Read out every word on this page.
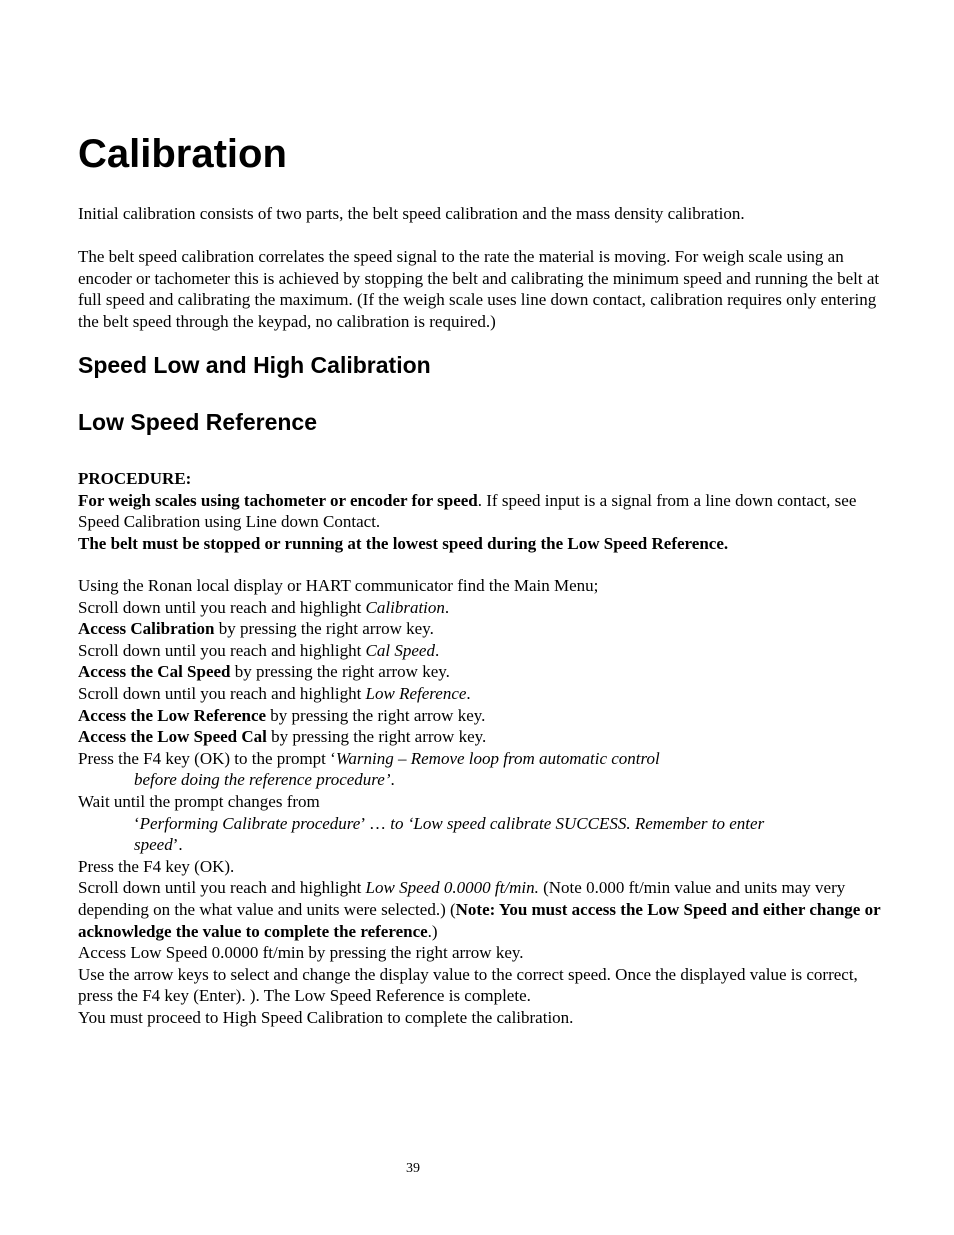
Calibration

Initial calibration consists of two parts, the belt speed calibration and the mass density calibration.

The belt speed calibration correlates the speed signal to the rate the material is moving. For weigh scale using an encoder or tachometer this is achieved by stopping the belt and calibrating the minimum speed and running the belt at full speed and calibrating the maximum. (If the weigh scale uses line down contact, calibration requires only entering the belt speed through the keypad, no calibration is required.)

Speed Low and High Calibration
Low Speed Reference
PROCEDURE:
For weigh scales using tachometer or encoder for speed. If speed input is a signal from a line down contact, see Speed Calibration using Line down Contact.
The belt must be stopped or running at the lowest speed during the Low Speed Reference.
Using the Ronan local display or HART communicator find the Main Menu;
Scroll down until you reach and highlight Calibration.
Access Calibration by pressing the right arrow key.
Scroll down until you reach and highlight Cal Speed.
Access the Cal Speed by pressing the right arrow key.
Scroll down until you reach and highlight Low Reference.
Access the Low Reference by pressing the right arrow key.
Access the Low Speed Cal by pressing the right arrow key.
Press the F4 key (OK) to the prompt ‘Warning – Remove loop from automatic control
before doing the reference procedure’.
Wait until the prompt changes from
‘Performing Calibrate procedure’ … to ‘Low speed calibrate SUCCESS. Remember to enter
speed’.
Press the F4 key (OK).
Scroll down until you reach and highlight Low Speed 0.0000 ft/min. (Note 0.000 ft/min value and units may very depending on the what value and units were selected.) (Note: You must access the Low Speed and either change or acknowledge the value to complete the reference.)
Access Low Speed 0.0000 ft/min by pressing the right arrow key.
Use the arrow keys to select and change the display value to the correct speed. Once the displayed value is correct, press the F4 key (Enter). ). The Low Speed Reference is complete.
You must proceed to High Speed Calibration to complete the calibration.
39
